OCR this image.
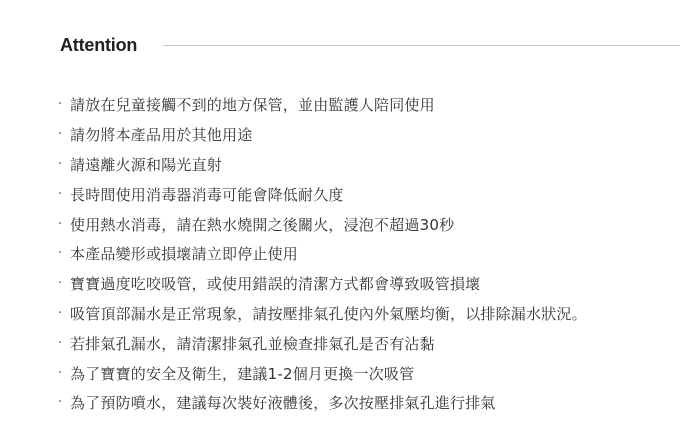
Attention
· 請放在兒童接觸不到的地方保管，並由監護人陪同使用
· 請勿將本產品用於其他用途
· 請遠離火源和陽光直射
· 長時間使用消毒器消毒可能會降低耐久度
· 使用熱水消毒，請在熱水燒開之後關火，浸泡不超過30秒
· 本產品變形或損壞請立即停止使用
· 寶寶過度吃咬吸管，或使用錯誤的清潔方式都會導致吸管損壞
· 吸管頂部漏水是正常現象，請按壓排氣孔使內外氣壓均衡，以排除漏水狀況。
· 若排氣孔漏水，請清潔排氣孔並檢查排氣孔是否有沾黏
· 為了寶寶的安全及衛生，建議1-2個月更換一次吸管
· 為了預防噴水，建議每次裝好液體後，多次按壓排氣孔進行排氣
